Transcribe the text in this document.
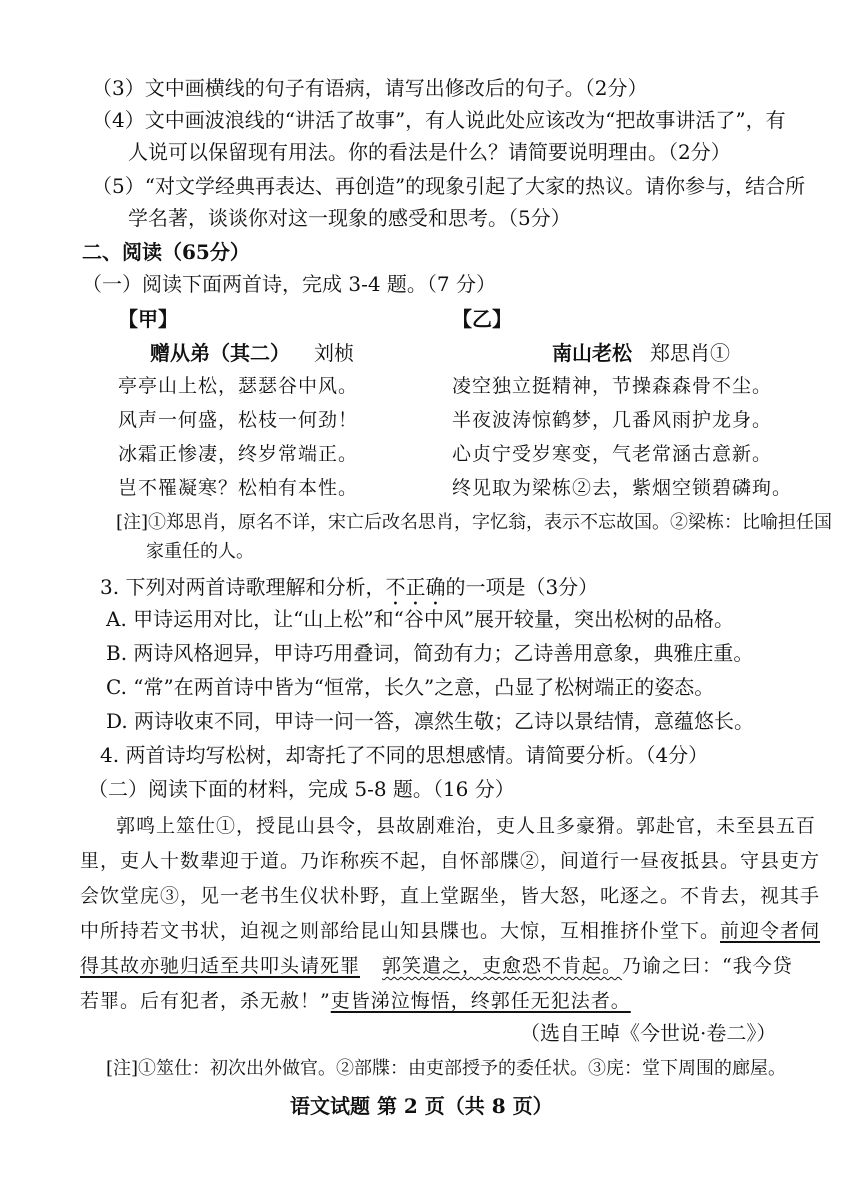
（3）文中画横线的句子有语病，请写出修改后的句子。（2分）
（4）文中画波浪线的“讲活了故事”，有人说此处应该改为“把故事讲活了”，有
人说可以保留现有用法。你的看法是什么？请简要说明理由。（2分）
（5）“对文学经典再表达、再创造”的现象引起了大家的热议。请你参与，结合所
学名著，谈谈你对这一现象的感受和思考。（5分）
二、阅读（65分）
（一）阅读下面两首诗，完成 3-4 题。（7 分）
【甲】	【乙】
赠从弟（其二） 刘桢	南山老松 郑思肖①
亭亭山上松，瑟瑟谷中风。
风声一何盛，松枝一何劲！
冰霜正惨凄，终岁常端正。
岂不罹凝寒？松柏有本性。
凌空独立挺精神，节操森森骨不尘。
半夜波涛惊鹤梦，几番风雨护龙身。
心贞宁受岁寒变，气老常涵古意新。
终见取为梁栋②去，紫烟空锁碧磷珣。
[注]①郑思肖，原名不详，宋亡后改名思肖，字忆翁，表示不忘故国。②梁栋：比喻担任国
家重任的人。
3. 下列对两首诗歌理解和分析，不正确的一项是（3分）
A. 甲诗运用对比，让“山上松”和“谷中风”展开较量，突出松树的品格。
B. 两诗风格迥异，甲诗巧用叠词，简劲有力；乙诗善用意象，典雅庄重。
C. “常”在两首诗中皆为“恒常，长久”之意，凸显了松树端正的姿态。
D. 两诗收束不同，甲诗一问一答，凛然生敬；乙诗以景结情，意蕴悠长。
4. 两首诗均写松树，却寄托了不同的思想感情。请简要分析。（4分）
（二）阅读下面的材料，完成 5-8 题。（16 分）
郭鸣上筮仕①，授昆山县令，县故剧难治，吏人且多豪猾。郭赴官，未至县五百
里，吏人十数辈迎于道。乃诈称疾不起，自怀部牒②，间道行一昼夜抵县。守县吏方
会饮堂庑③，见一老书生仪状朴野，直上堂踞坐，皆大怒，叱逐之。不肯去，视其手
中所持若文书状，迫视之则部给昆山知县牒也。大惊，互相推挤仆堂下。前迎令者伺
得其故亦驰归适至共叩头请死罪 郭笑遣之，吏愈恐不肯起。乃谕之曰：“我今贷
若罪。后有犯者，杀无赦！”吏皆涕泣悔悟，终郭任无犯法者。
（选自王晫《今世说·卷二》）
[注]①筮仕：初次出外做官。②部牒：由吏部授予的委任状。③庑：堂下周围的廊屋。
语文试题 第 2 页（共 8 页）
